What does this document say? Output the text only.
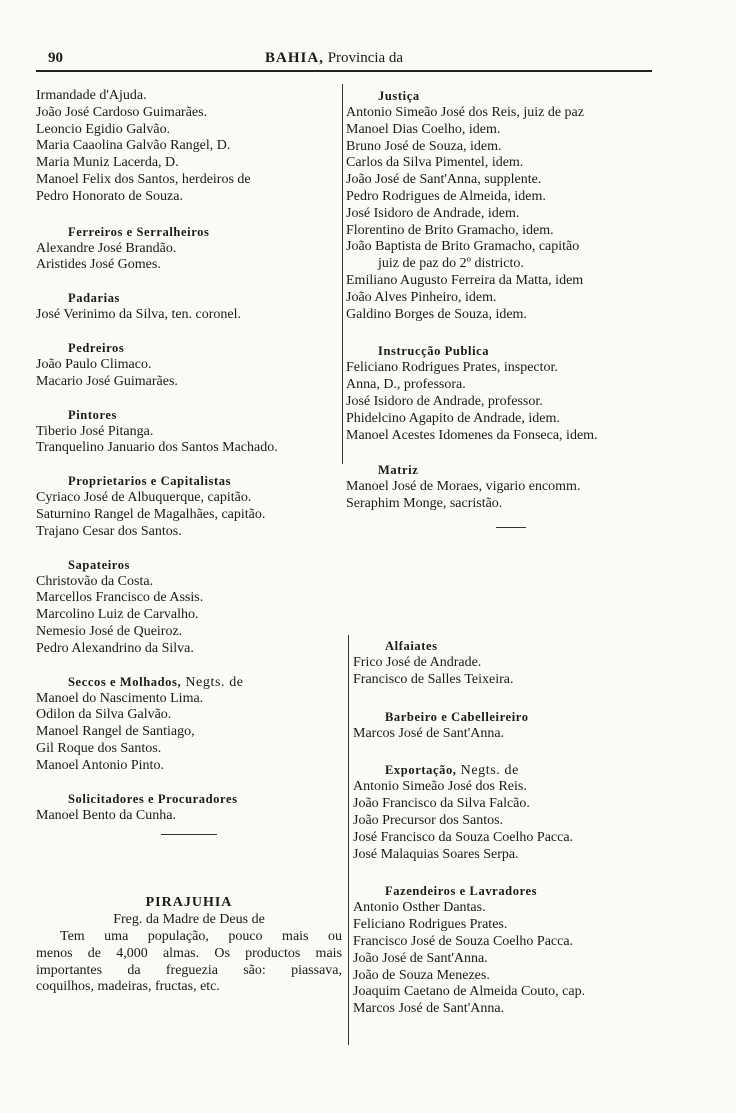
90	BAHIA, Provincia da
Irmandade d'Ajuda.
João José Cardoso Guimarães.
Leoncio Egidio Galvão.
Maria Caaolina Galvão Rangel, D.
Maria Muniz Lacerda, D.
Manoel Felix dos Santos, herdeiros de
Pedro Honorato de Souza.
Ferreiros e Serralheiros
Alexandre José Brandão.
Aristides José Gomes.
Padarias
José Verinimo da Silva, ten. coronel.
Pedreiros
João Paulo Climaco.
Macario José Guimarães.
Pintores
Tiberio José Pitanga.
Tranquelino Januario dos Santos Machado.
Proprietarios e Capitalistas
Cyriaco José de Albuquerque, capitão.
Saturnino Rangel de Magalhães, capitão.
Trajano Cesar dos Santos.
Sapateiros
Christovão da Costa.
Marcellos Francisco de Assis.
Marcolino Luiz de Carvalho.
Nemesio José de Queiroz.
Pedro Alexandrino da Silva.
Seccos e Molhados, Negts. de
Manoel do Nascimento Lima.
Odilon da Silva Galvão.
Manoel Rangel de Santiago,
Gil Roque dos Santos.
Manoel Antonio Pinto.
Solicitadores e Procuradores
Manoel Bento da Cunha.
PIRAJUHIA
Freg. da Madre de Deus de
Tem uma população, pouco mais ou
menos de 4,000 almas. Os productos mais
importantes da freguezia são: piassava,
coquilhos, madeiras, fructas, etc.
Justiça
Antonio Simeão José dos Reis, juiz de paz
Manoel Dias Coelho, idem.
Bruno José de Souza, idem.
Carlos da Silva Pimentel, idem.
João José de Sant'Anna, supplente.
Pedro Rodrigues de Almeida, idem.
José Isidoro de Andrade, idem.
Florentino de Brito Gramacho, idem.
João Baptista de Brito Gramacho, capitão
juiz de paz do 2º districto.
Emiliano Augusto Ferreira da Matta, idem
João Alves Pinheiro, idem.
Galdino Borges de Souza, idem.
Instrucção Publica
Feliciano Rodrigues Prates, inspector.
Anna, D., professora.
José Isidoro de Andrade, professor.
Phidelcino Agapito de Andrade, idem.
Manoel Acestes Idomenes da Fonseca, idem.
Matriz
Manoel José de Moraes, vigario encomm.
Seraphim Monge, sacristão.
Alfaiates
Frico José de Andrade.
Francisco de Salles Teixeira.
Barbeiro e Cabelleireiro
Marcos José de Sant'Anna.
Exportação, Negts. de
Antonio Simeão José dos Reis.
João Francisco da Silva Falcão.
João Precursor dos Santos.
José Francisco da Souza Coelho Pacca.
José Malaquias Soares Serpa.
Fazendeiros e Lavradores
Antonio Osther Dantas.
Feliciano Rodrigues Prates.
Francisco José de Souza Coelho Pacca.
João José de Sant'Anna.
João de Souza Menezes.
Joaquim Caetano de Almeida Couto, cap.
Marcos José de Sant'Anna.
